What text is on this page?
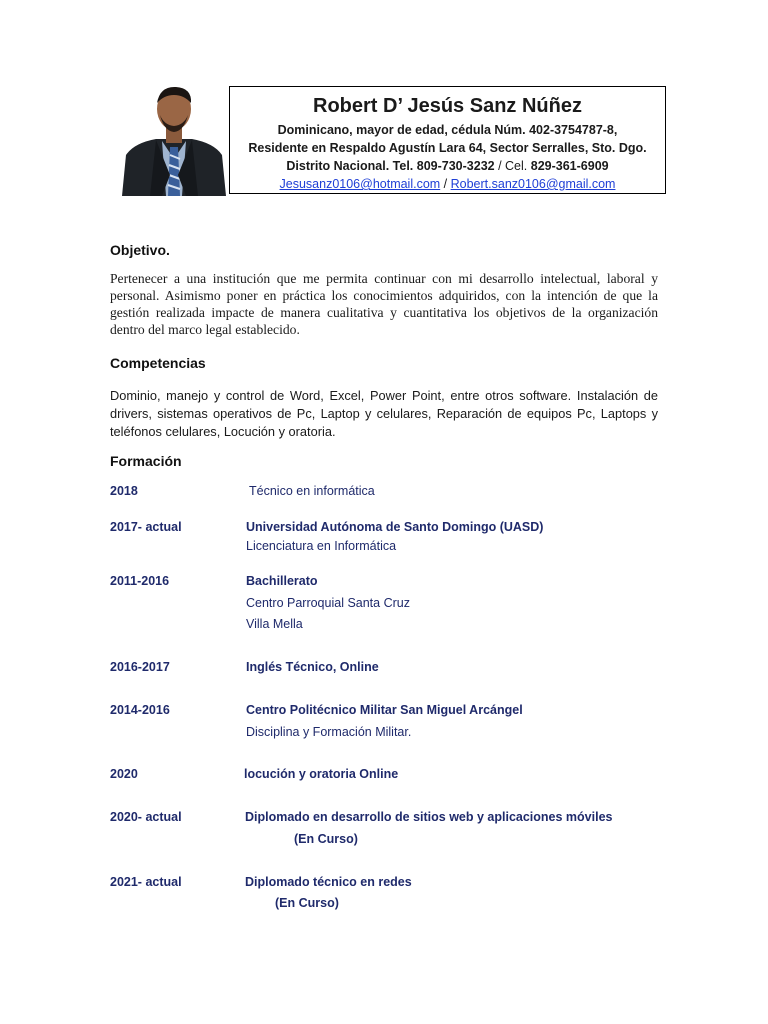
Robert D’ Jesús Sanz Núñez
Dominicano, mayor de edad, cédula Núm. 402-3754787-8,
Residente en Respaldo Agustín Lara 64, Sector Serralles, Sto. Dgo.
Distrito Nacional. Tel. 809-730-3232 / Cel. 829-361-6909
Jesusanz0106@hotmail.com / Robert.sanz0106@gmail.com
Objetivo.
Pertenecer a una institución que me permita continuar con mi desarrollo intelectual, laboral y personal. Asimismo poner en práctica los conocimientos adquiridos, con la intención de que la gestión realizada impacte de manera cualitativa y cuantitativa los objetivos de la organización dentro del marco legal establecido.
Competencias
Dominio, manejo y control de Word, Excel, Power Point, entre otros software. Instalación de drivers, sistemas operativos de Pc, Laptop y celulares, Reparación de equipos Pc, Laptops y teléfonos celulares, Locución y oratoria.
Formación
2018	Técnico en informática
2017- actual	Universidad Autónoma de Santo Domingo (UASD)
Licenciatura en Informática
2011-2016	Bachillerato
Centro Parroquial Santa Cruz
Villa Mella
2016-2017	Inglés Técnico, Online
2014-2016	Centro Politécnico Militar San Miguel Arcángel
Disciplina y Formación Militar.
2020	locución y oratoria Online
2020- actual	Diplomado en desarrollo de sitios web y aplicaciones móviles
(En Curso)
2021- actual	Diplomado técnico en redes
(En Curso)
